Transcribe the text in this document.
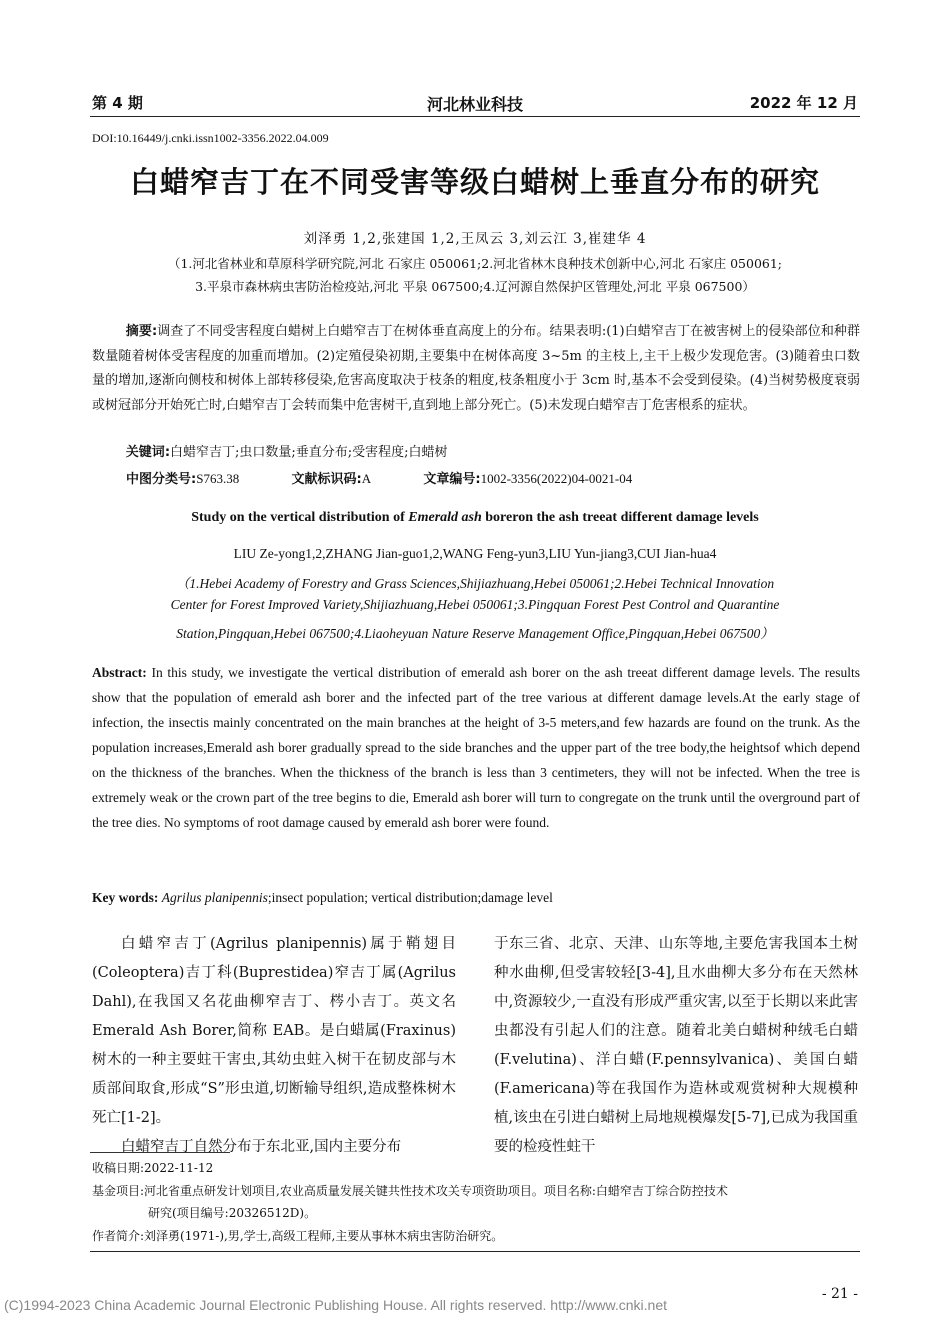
第 4 期	河北林业科技	2022 年 12 月
DOI:10.16449/j.cnki.issn1002-3356.2022.04.009
白蜡窄吉丁在不同受害等级白蜡树上垂直分布的研究
刘泽勇 1,2,张建国 1,2,王凤云 3,刘云江 3,崔建华 4
（1.河北省林业和草原科学研究院,河北 石家庄 050061;2.河北省林木良种技术创新中心,河北 石家庄 050061;
3.平泉市森林病虫害防治检疫站,河北 平泉 067500;4.辽河源自然保护区管理处,河北 平泉 067500）
摘要:调查了不同受害程度白蜡树上白蜡窄吉丁在树体垂直高度上的分布。结果表明:(1)白蜡窄吉丁在被害树上的侵染部位和种群数量随着树体受害程度的加重而增加。(2)定殖侵染初期,主要集中在树体高度 3~5m 的主枝上,主干上极少发现危害。(3)随着虫口数量的增加,逐渐向侧枝和树体上部转移侵染,危害高度取决于枝条的粗度,枝条粗度小于 3cm 时,基本不会受到侵染。(4)当树势极度衰弱或树冠部分开始死亡时,白蜡窄吉丁会转而集中危害树干,直到地上部分死亡。(5)未发现白蜡窄吉丁危害根系的症状。
关键词:白蜡窄吉丁;虫口数量;垂直分布;受害程度;白蜡树
中图分类号:S763.38	文献标识码:A	文章编号:1002-3356(2022)04-0021-04
Study on the vertical distribution of Emerald ash boreron the ash treeat different damage levels
LIU Ze-yong1,2,ZHANG Jian-guo1,2,WANG Feng-yun3,LIU Yun-jiang3,CUI Jian-hua4
（1.Hebei Academy of Forestry and Grass Sciences,Shijiazhuang,Hebei 050061;2.Hebei Technical Innovation
Center for Forest Improved Variety,Shijiazhuang,Hebei 050061;3.Pingquan Forest Pest Control and Quarantine
Station,Pingquan,Hebei 067500;4.Liaoheyuan Nature Reserve Management Office,Pingquan,Hebei 067500）
Abstract: In this study, we investigate the vertical distribution of emerald ash borer on the ash treeat different damage levels. The results show that the population of emerald ash borer and the infected part of the tree various at different damage levels.At the early stage of infection, the insectis mainly concentrated on the main branches at the height of 3-5 meters,and few hazards are found on the trunk. As the population increases,Emerald ash borer gradually spread to the side branches and the upper part of the tree body,the heightsof which depend on the thickness of the branches. When the thickness of the branch is less than 3 centimeters, they will not be infected. When the tree is extremely weak or the crown part of the tree begins to die, Emerald ash borer will turn to congregate on the trunk until the overground part of the tree dies. No symptoms of root damage caused by emerald ash borer were found.
Key words: Agrilus planipennis;insect population; vertical distribution;damage level

白蜡窄吉丁(Agrilus planipennis)属于鞘翅目(Coleoptera)吉丁科(Buprestidea)窄吉丁属(Agrilus Dahl),在我国又名花曲柳窄吉丁、梣小吉丁。英文名 Emerald Ash Borer,简称 EAB。是白蜡属(Fraxinus)树木的一种主要蛀干害虫,其幼虫蛀入树干在韧皮部与木质部间取食,形成“S”形虫道,切断输导组织,造成整株树木死亡[1-2]。

白蜡窄吉丁自然分布于东北亚,国内主要分布

于东三省、北京、天津、山东等地,主要危害我国本土树种水曲柳,但受害较轻[3-4],且水曲柳大多分布在天然林中,资源较少,一直没有形成严重灾害,以至于长期以来此害虫都没有引起人们的注意。随着北美白蜡树种绒毛白蜡 (F.velutina)、洋白蜡(F.pennsylvanica)、美国白蜡(F.americana)等在我国作为造林或观赏树种大规模种植,该虫在引进白蜡树上局地规模爆发[5-7],已成为我国重要的检疫性蛀干

收稿日期:2022-11-12
基金项目:河北省重点研发计划项目,农业高质量发展关键共性技术攻关专项资助项目。项目名称:白蜡窄吉丁综合防控技术
研究(项目编号:20326512D)。
作者简介:刘泽勇(1971-),男,学士,高级工程师,主要从事林木病虫害防治研究。
- 21 -
(C)1994-2023 China Academic Journal Electronic Publishing House. All rights reserved. http://www.cnki.net
